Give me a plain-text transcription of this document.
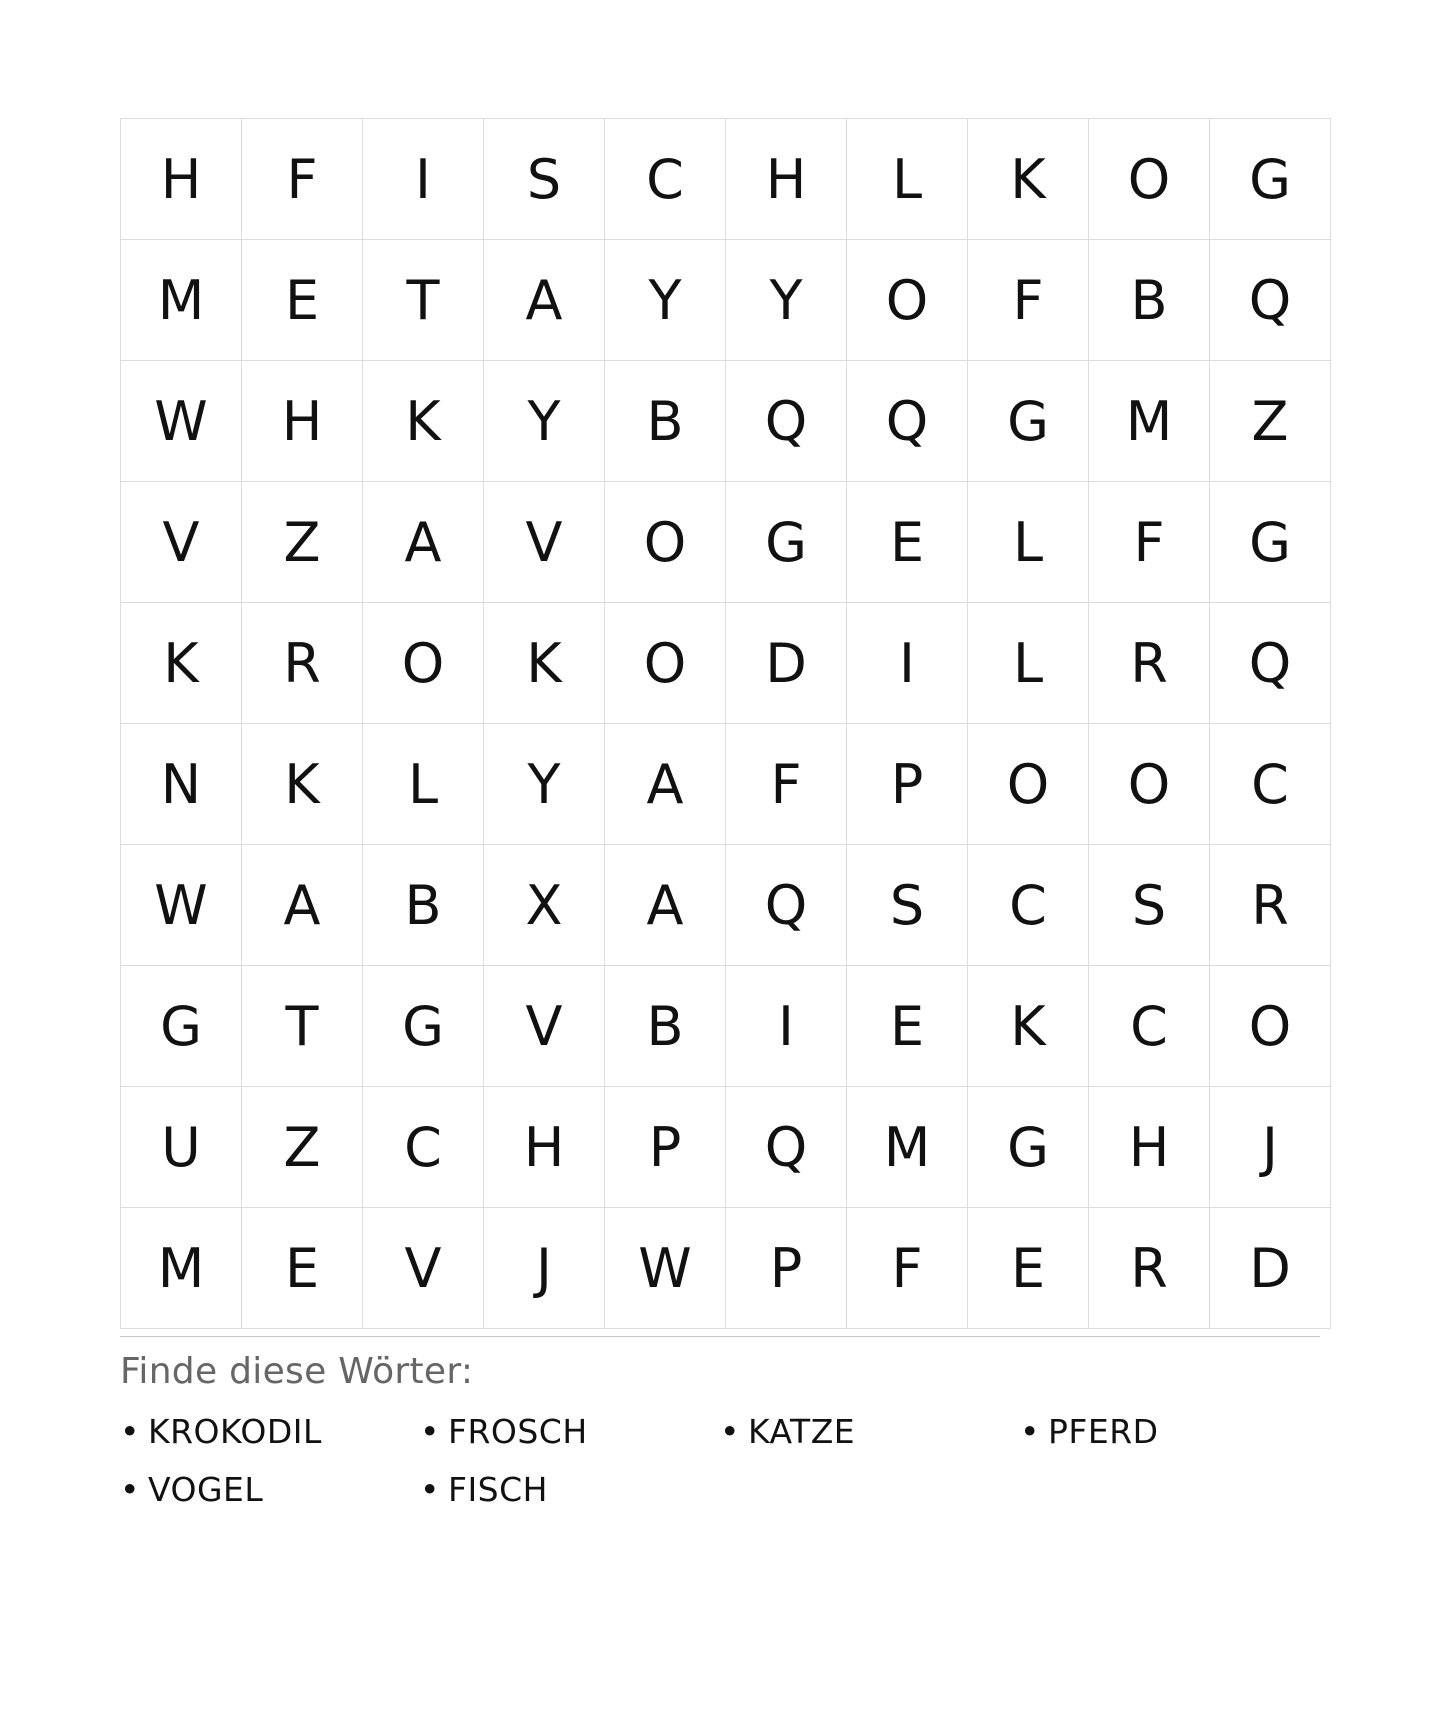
H	F	I	S	C	H	L	K	O	G
M	E	T	A	Y	Y	O	F	B	Q
W	H	K	Y	B	Q	Q	G	M	Z
V	Z	A	V	O	G	E	L	F	G
K	R	O	K	O	D	I	L	R	Q
N	K	L	Y	A	F	P	O	O	C
W	A	B	X	A	Q	S	C	S	R
G	T	G	V	B	I	E	K	C	O
U	Z	C	H	P	Q	M	G	H	J
M	E	V	J	W	P	F	E	R	D
Finde diese Wörter:
• KROKODIL	• FROSCH	• KATZE	• PFERD
• VOGEL	• FISCH
